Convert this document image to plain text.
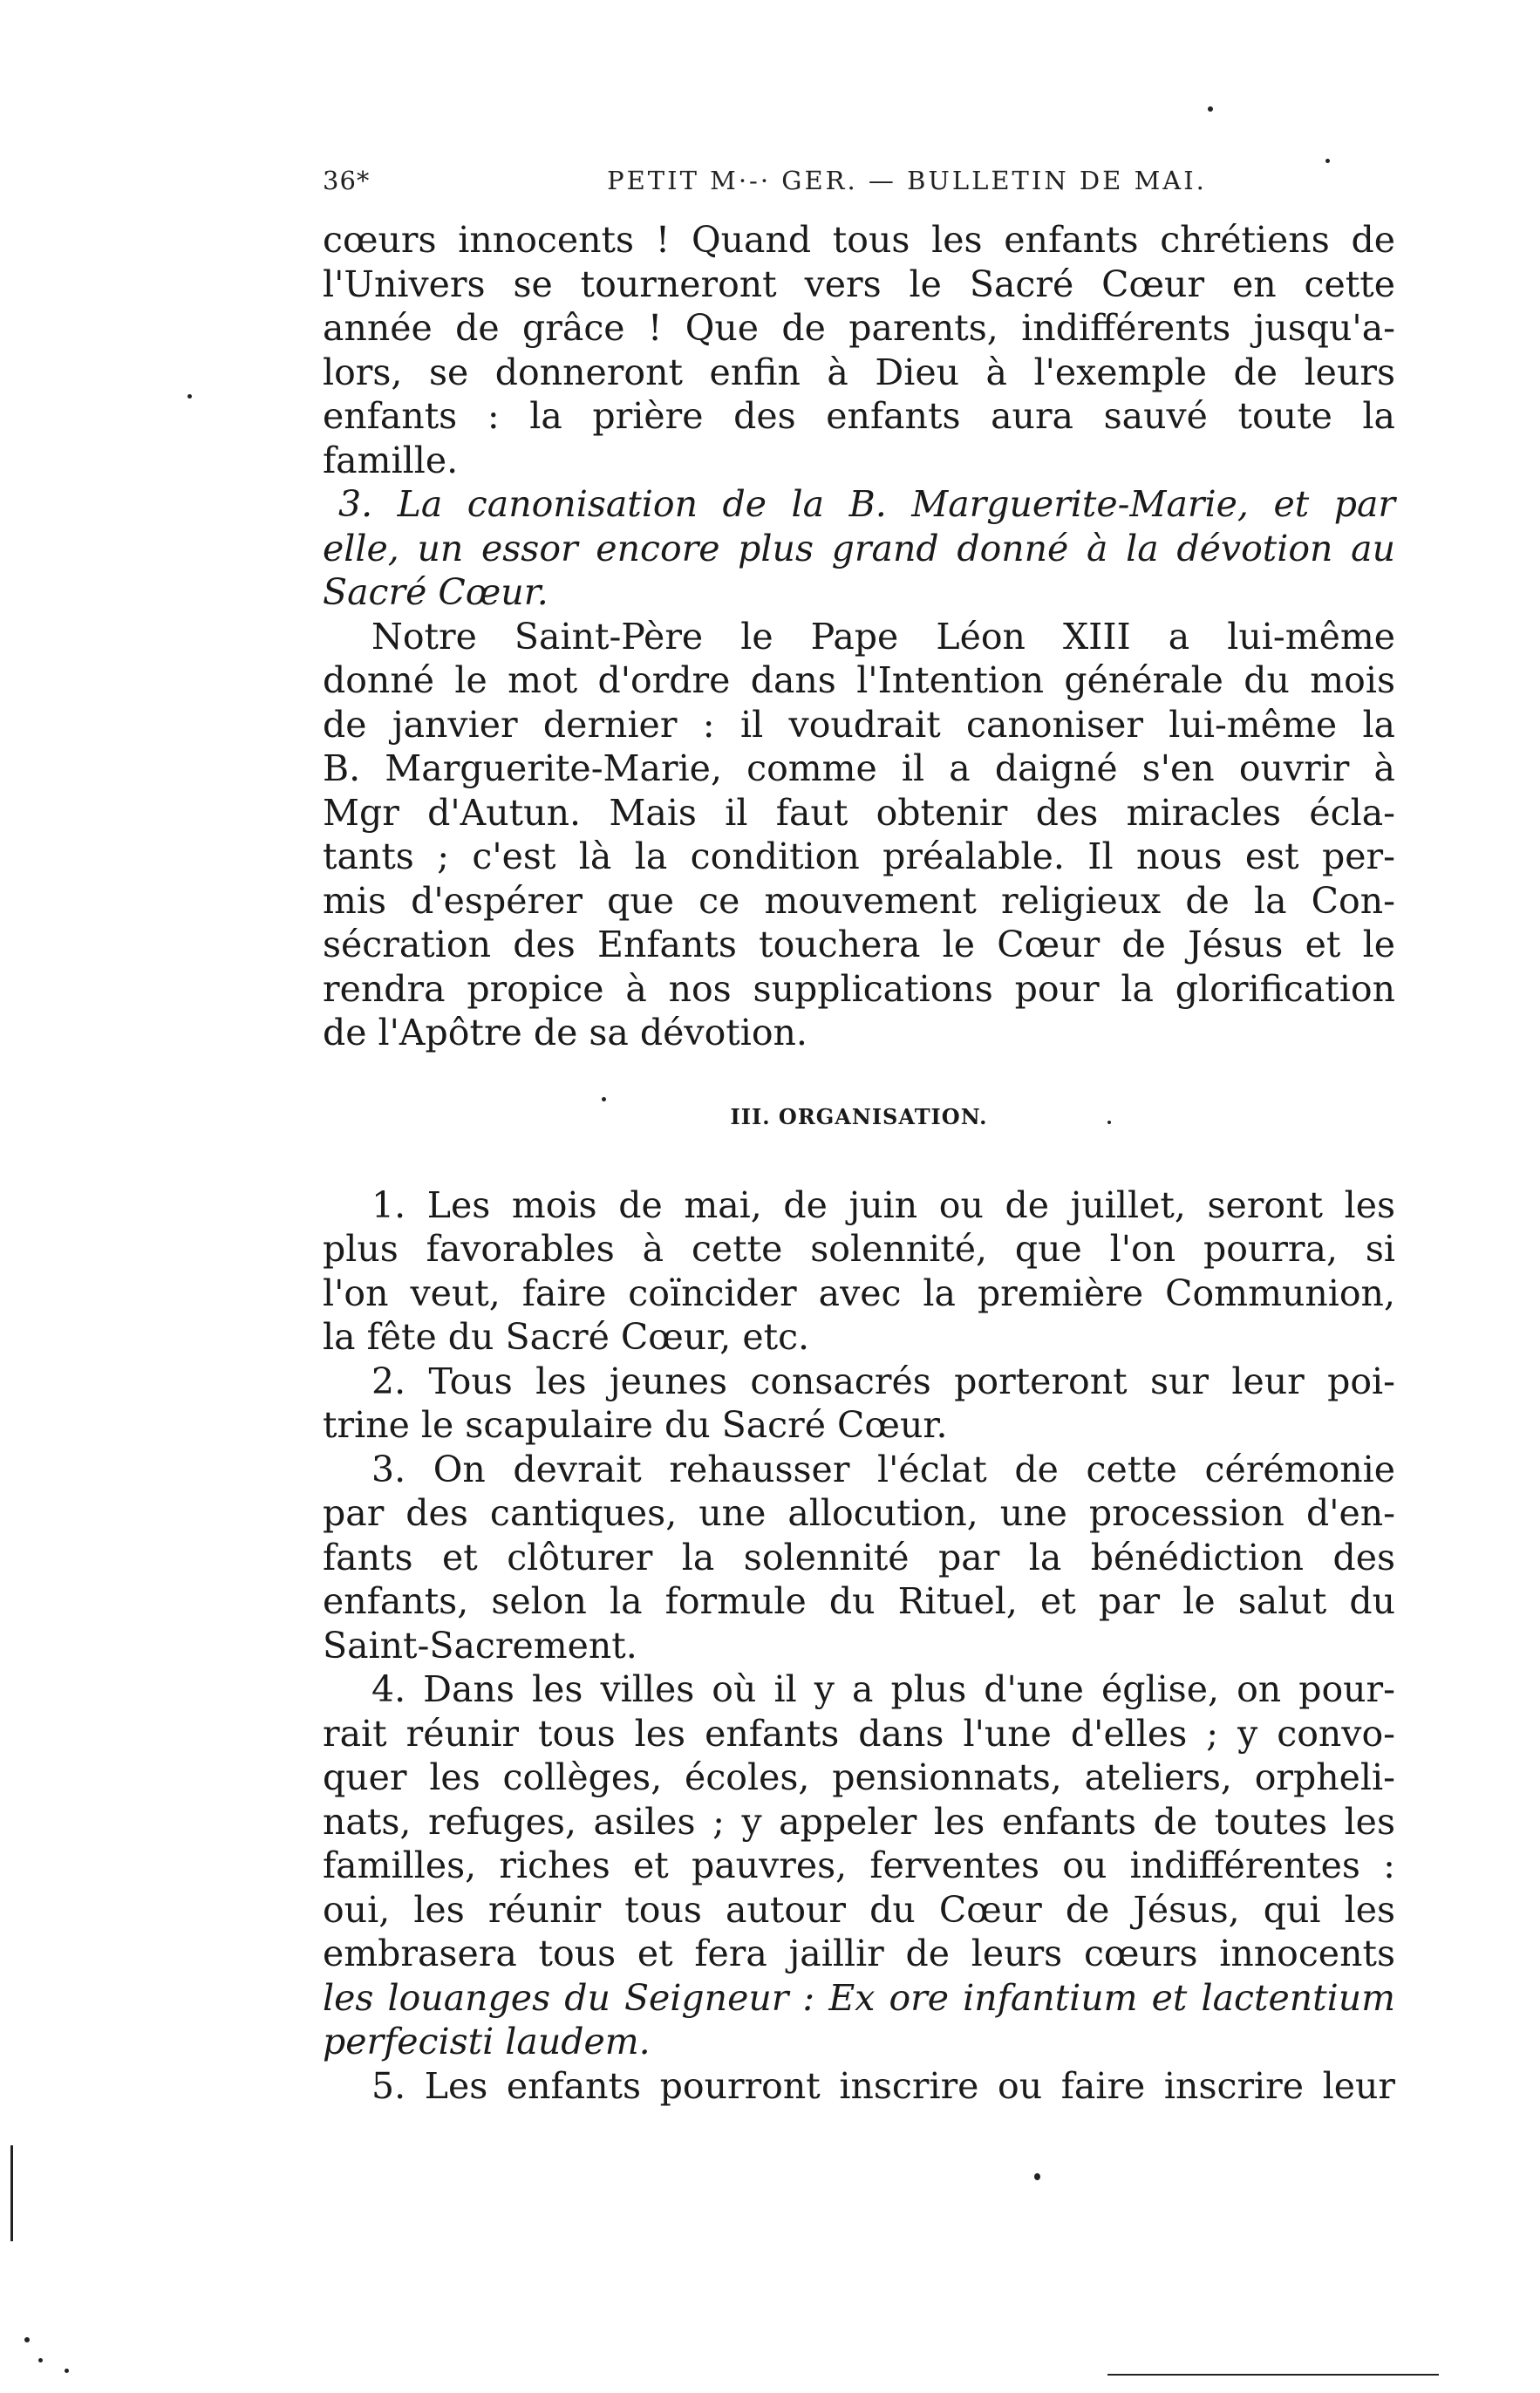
36*	PETIT M·-· GER. — BULLETIN DE MAI.
cœurs innocents ! Quand tous les enfants chrétiens de
l'Univers se tourneront vers le Sacré Cœur en cette
année de grâce ! Que de parents, indifférents jusqu'a-
lors, se donneront enfin à Dieu à l'exemple de leurs
enfants : la prière des enfants aura sauvé toute la
famille.
3. La canonisation de la B. Marguerite-Marie, et par
elle, un essor encore plus grand donné à la dévotion au
Sacré Cœur.
Notre Saint-Père le Pape Léon XIII a lui-même
donné le mot d'ordre dans l'Intention générale du mois
de janvier dernier : il voudrait canoniser lui-même la
B. Marguerite-Marie, comme il a daigné s'en ouvrir à
Mgr d'Autun. Mais il faut obtenir des miracles écla-
tants ; c'est là la condition préalable. Il nous est per-
mis d'espérer que ce mouvement religieux de la Con-
sécration des Enfants touchera le Cœur de Jésus et le
rendra propice à nos supplications pour la glorification
de l'Apôtre de sa dévotion.
III. ORGANISATION.
1. Les mois de mai, de juin ou de juillet, seront les
plus favorables à cette solennité, que l'on pourra, si
l'on veut, faire coïncider avec la première Communion,
la fête du Sacré Cœur, etc.
2. Tous les jeunes consacrés porteront sur leur poi-
trine le scapulaire du Sacré Cœur.
3. On devrait rehausser l'éclat de cette cérémonie
par des cantiques, une allocution, une procession d'en-
fants et clôturer la solennité par la bénédiction des
enfants, selon la formule du Rituel, et par le salut du
Saint-Sacrement.
4. Dans les villes où il y a plus d'une église, on pour-
rait réunir tous les enfants dans l'une d'elles ; y convo-
quer les collèges, écoles, pensionnats, ateliers, orpheli-
nats, refuges, asiles ; y appeler les enfants de toutes les
familles, riches et pauvres, ferventes ou indifférentes :
oui, les réunir tous autour du Cœur de Jésus, qui les
embrasera tous et fera jaillir de leurs cœurs innocents
les louanges du Seigneur : Ex ore infantium et lactentium
perfecisti laudem.
5. Les enfants pourront inscrire ou faire inscrire leur
